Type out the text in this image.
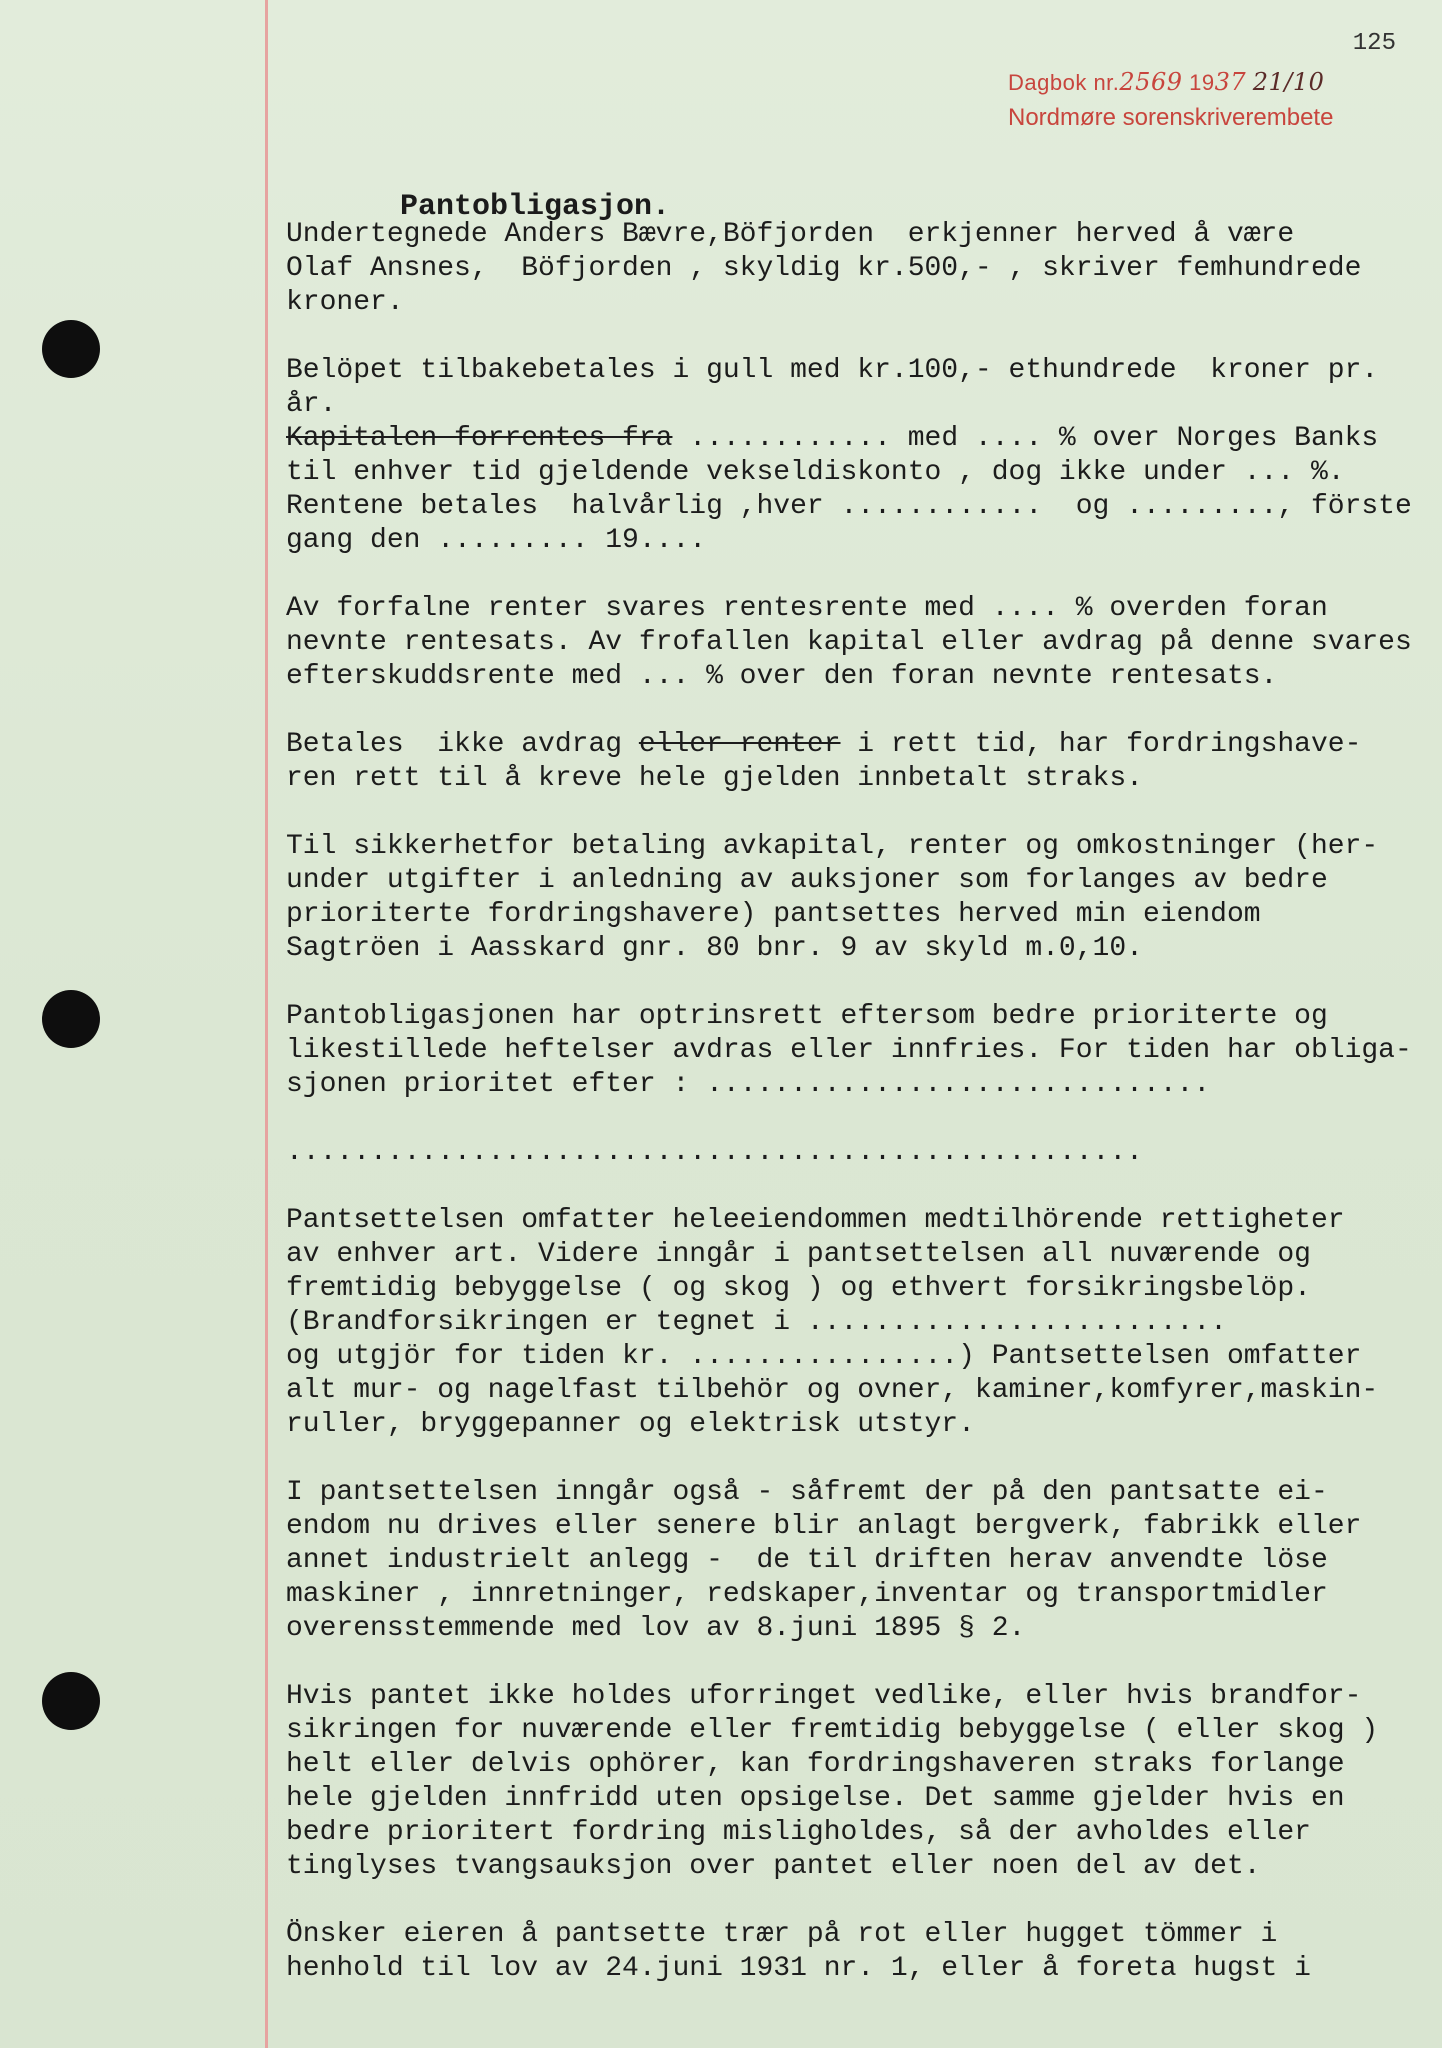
125
Dagbok nr.2569 1937 21/10
Nordmøre sorenskriverembete
Pantobligasjon.
Undertegnede Anders Bævre,Böfjorden  erkjenner herved å være
Olaf Ansnes,  Böfjorden , skyldig kr.500,- , skriver femhundrede
kroner.
Belöpet tilbakebetales i gull med kr.100,- ethundrede  kroner pr.
år.
Kapitalen forrentes fra ............ med .... % over Norges Banks
til enhver tid gjeldende vekseldiskonto , dog ikke under ... %.
Rentene betales  halvårlig ,hver ............  og ........., förste
gang den ......... 19....
Av forfalne renter svares rentesrente med .... % overden foran
nevnte rentesats. Av frofallen kapital eller avdrag på denne svares
efterskuddsrente med ... % over den foran nevnte rentesats.
Betales  ikke avdrag eller renter i rett tid, har fordringshave-
ren rett til å kreve hele gjelden innbetalt straks.
Til sikkerhetfor betaling avkapital, renter og omkostninger (her-
under utgifter i anledning av auksjoner som forlanges av bedre
prioriterte fordringshavere) pantsettes herved min eiendom
Sagtröen i Aasskard gnr. 80 bnr. 9 av skyld m.0,10.
Pantobligasjonen har optrinsrett eftersom bedre prioriterte og
likestillede heftelser avdras eller innfries. For tiden har obliga-
sjonen prioritet efter : ..............................

...................................................
Pantsettelsen omfatter heleeiendommen medtilhörende rettigheter
av enhver art. Videre inngår i pantsettelsen all nuværende og
fremtidig bebyggelse ( og skog ) og ethvert forsikringsbelöp.
(Brandforsikringen er tegnet i .........................
og utgjör for tiden kr. ................) Pantsettelsen omfatter
alt mur- og nagelfast tilbehör og ovner, kaminer,komfyrer,maskin-
ruller, bryggepanner og elektrisk utstyr.
I pantsettelsen inngår også - såfremt der på den pantsatte ei-
endom nu drives eller senere blir anlagt bergverk, fabrikk eller
annet industrielt anlegg -  de til driften herav anvendte löse
maskiner , innretninger, redskaper,inventar og transportmidler
overensstemmende med lov av 8.juni 1895 § 2.
Hvis pantet ikke holdes uforringet vedlike, eller hvis brandfor-
sikringen for nuværende eller fremtidig bebyggelse ( eller skog )
helt eller delvis ophörer, kan fordringshaveren straks forlange
hele gjelden innfridd uten opsigelse. Det samme gjelder hvis en
bedre prioritert fordring misligholdes, så der avholdes eller
tinglyses tvangsauksjon over pantet eller noen del av det.
Önsker eieren å pantsette trær på rot eller hugget tömmer i
henhold til lov av 24.juni 1931 nr. 1, eller å foreta hugst i
